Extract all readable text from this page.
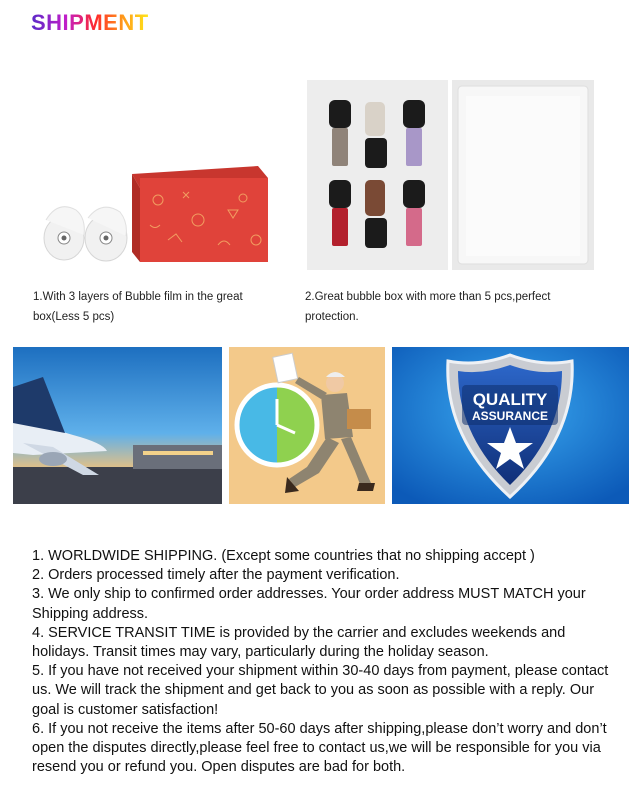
SHIPMENT
1.With 3 layers of Bubble film in the great box(Less 5 pcs)
2.Great bubble box with more than 5 pcs,perfect protection.
QUALITY
ASSURANCE

1. WORLDWIDE SHIPPING. (Except some countries that no shipping accept )

2. Orders processed timely after the payment verification.

3. We only ship to confirmed order addresses. Your order address MUST MATCH your Shipping address.

4. SERVICE TRANSIT TIME is provided by the carrier and excludes weekends and holidays. Transit times may vary, particularly during the holiday season.

5. If you have not received your shipment within 30-40 days from payment, please contact us. We will track the shipment and get back to you as soon as possible with a reply. Our goal is customer satisfaction!

6. If you not receive the items after 50-60 days after shipping,please don’t worry and don’t open the disputes directly,please feel free to contact us,we will be responsible for you via resend you or refund you. Open disputes are bad for both.
